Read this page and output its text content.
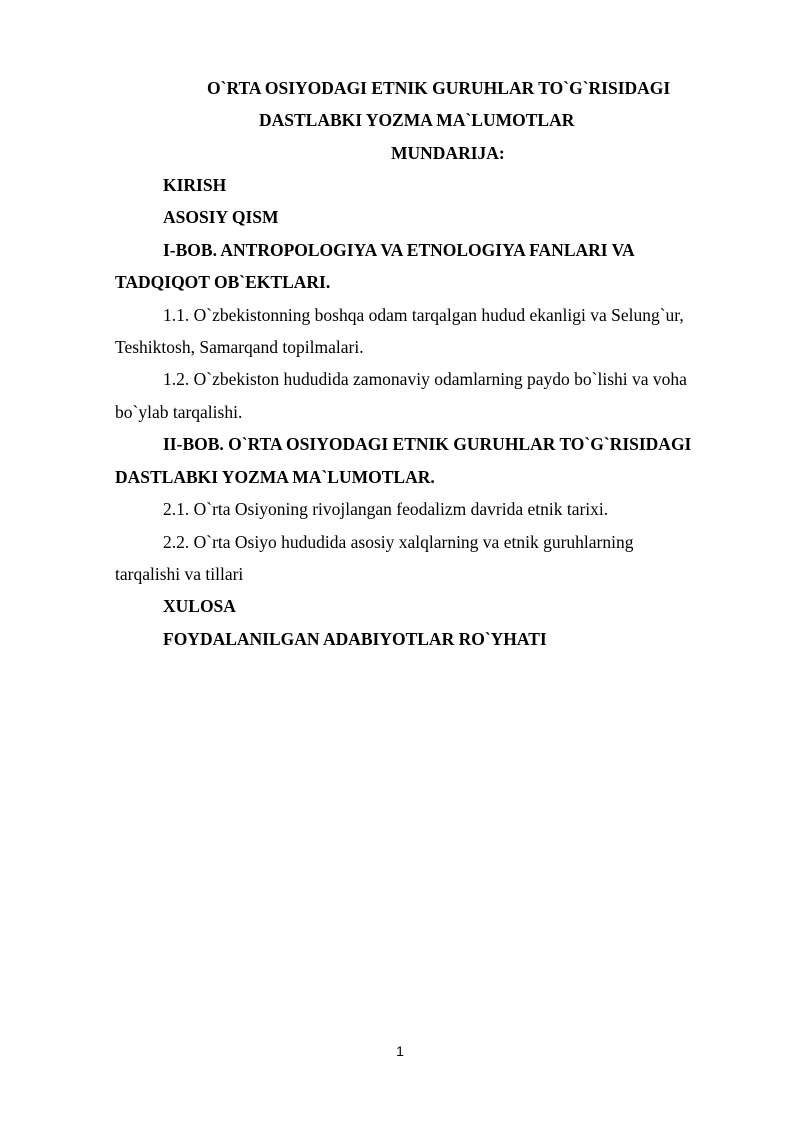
O`RTA OSIYODAGI ETNIK GURUHLAR TO`G`RISIDAGI

DASTLABKI YOZMA MA`LUMOTLAR

MUNDARIJA:

KIRISH

ASOSIY QISM

I-BOB. ANTROPOLOGIYA VA ETNOLOGIYA FANLARI VA

TADQIQOT OB`EKTLARI.

1.1. O`zbekistonning boshqa odam tarqalgan hudud ekanligi va Selung`ur,

Teshiktosh, Samarqand topilmalari.

1.2. O`zbekiston hududida zamonaviy odamlarning paydo bo`lishi va voha

bo`ylab tarqalishi.

II-BOB. O`RTA OSIYODAGI ETNIK GURUHLAR TO`G`RISIDAGI

DASTLABKI YOZMA MA`LUMOTLAR.

2.1. O`rta Osiyoning rivojlangan feodalizm davrida etnik tarixi.

2.2. O`rta Osiyo hududida asosiy xalqlarning va etnik guruhlarning

tarqalishi va tillari

XULOSA

FOYDALANILGAN ADABIYOTLAR RO`YHATI

1
